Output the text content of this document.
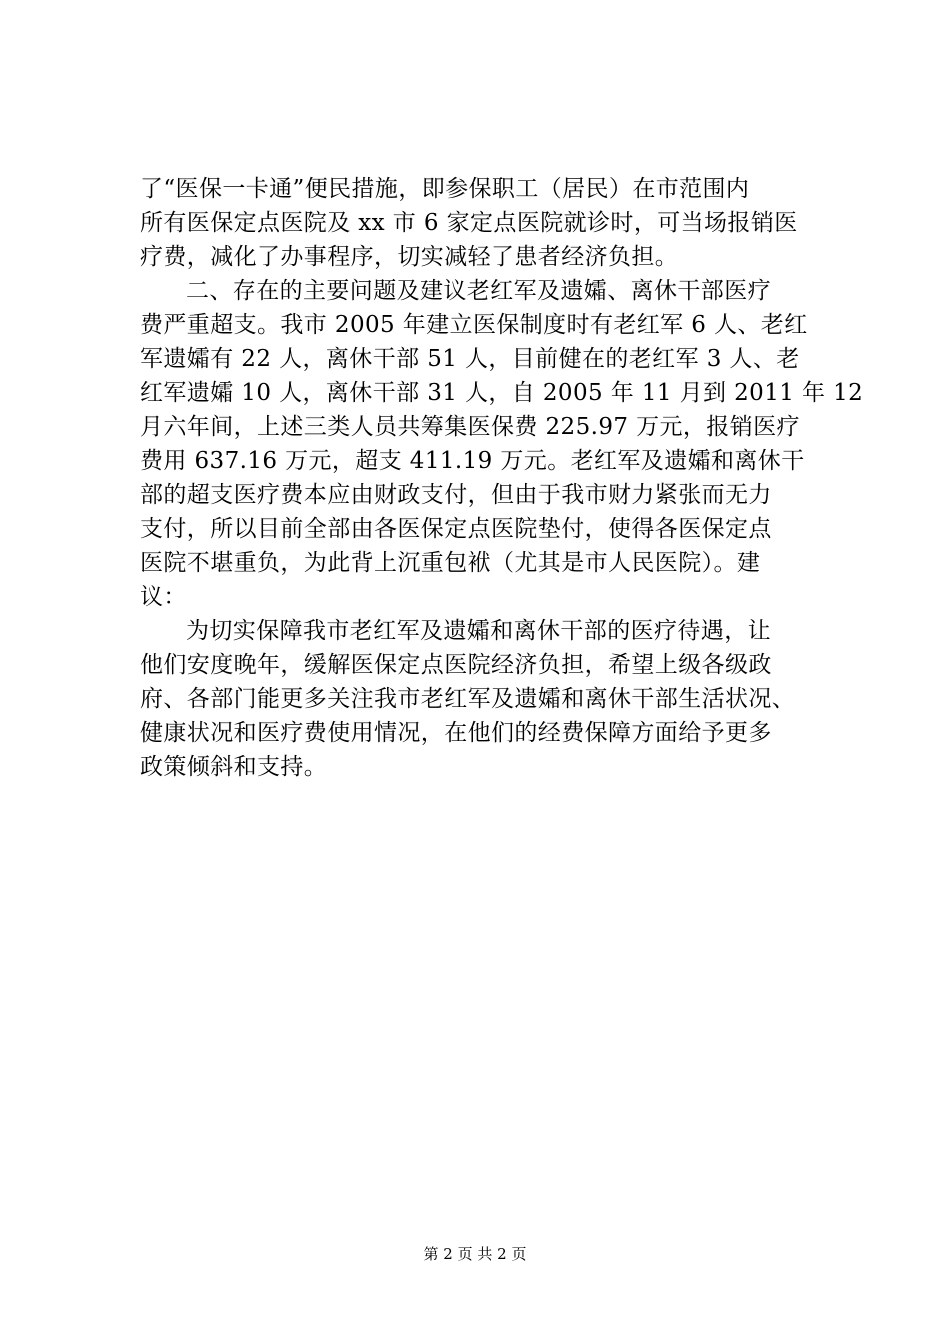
了“医保一卡通”便民措施，即参保职工（居民）在市范围内
所有医保定点医院及 xx 市 6 家定点医院就诊时，可当场报销医
疗费，减化了办事程序，切实减轻了患者经济负担。
二、存在的主要问题及建议老红军及遗孀、离休干部医疗
费严重超支。我市 2005 年建立医保制度时有老红军 6 人、老红
军遗孀有 22 人，离休干部 51 人，目前健在的老红军 3 人、老
红军遗孀 10 人，离休干部 31 人，自 2005 年 11 月到 2011 年 12
月六年间，上述三类人员共筹集医保费 225.97 万元，报销医疗
费用 637.16 万元，超支 411.19 万元。老红军及遗孀和离休干
部的超支医疗费本应由财政支付，但由于我市财力紧张而无力
支付，所以目前全部由各医保定点医院垫付，使得各医保定点
医院不堪重负，为此背上沉重包袱（尤其是市人民医院）。建
议：
为切实保障我市老红军及遗孀和离休干部的医疗待遇，让
他们安度晚年，缓解医保定点医院经济负担，希望上级各级政
府、各部门能更多关注我市老红军及遗孀和离休干部生活状况、
健康状况和医疗费使用情况，在他们的经费保障方面给予更多
政策倾斜和支持。
第 2 页 共 2 页
